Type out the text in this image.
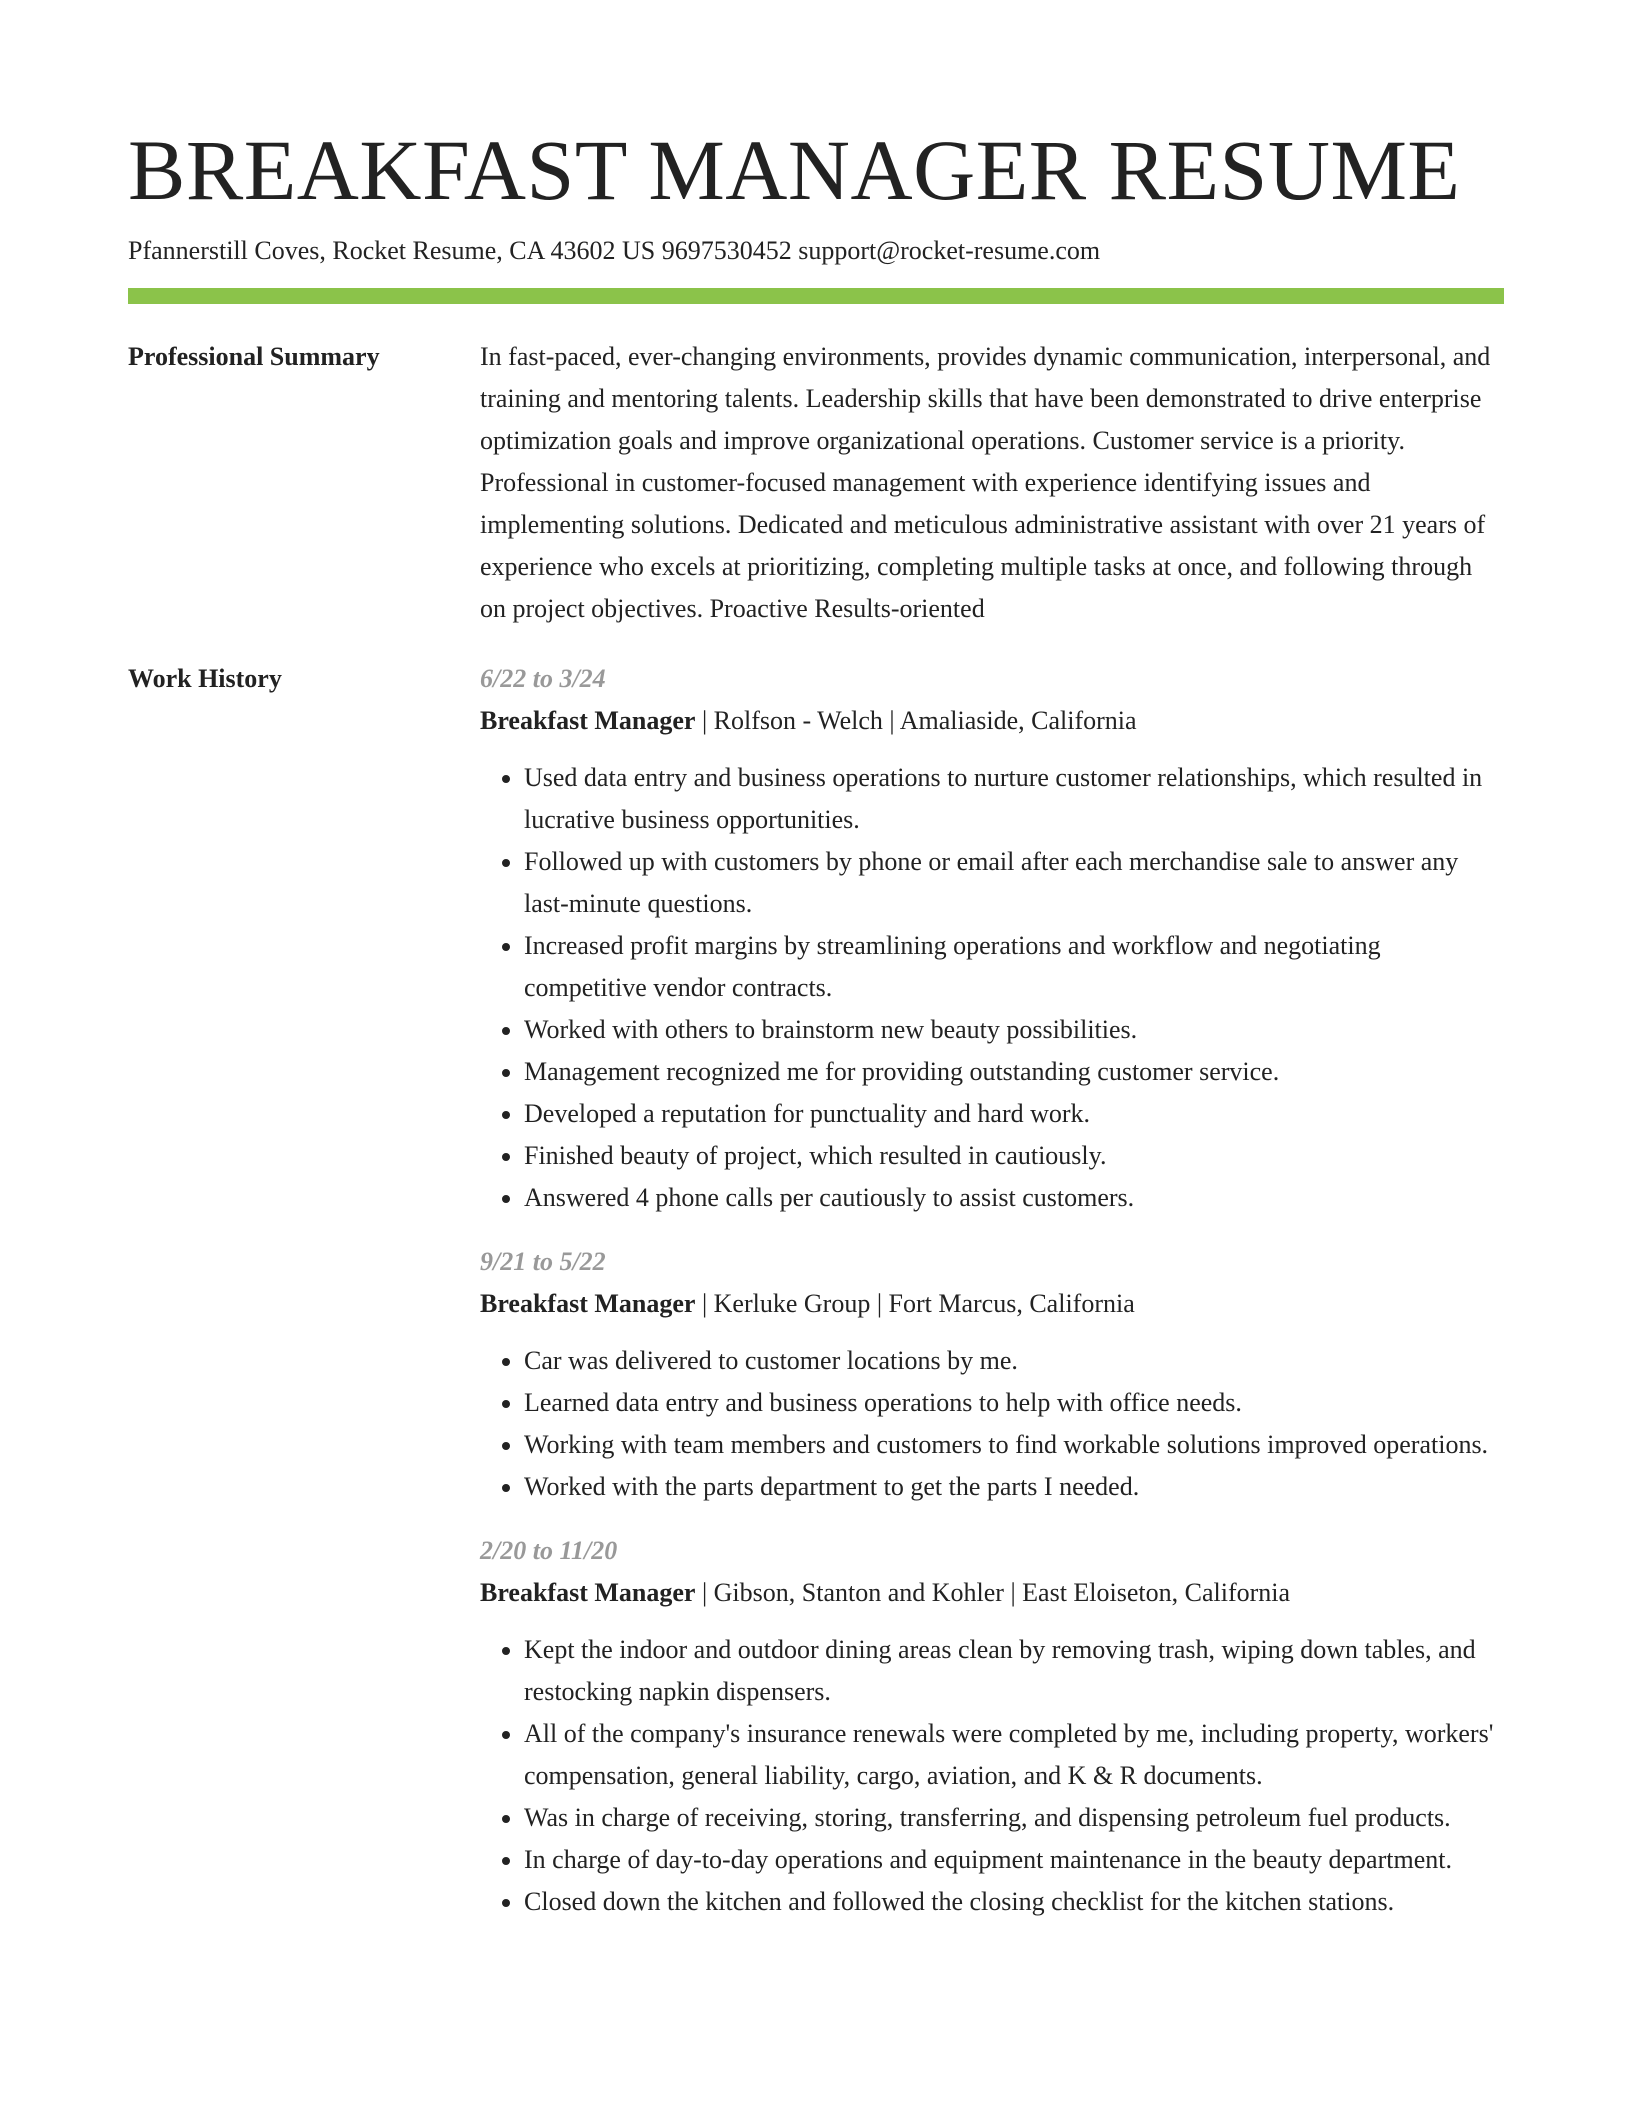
BREAKFAST MANAGER RESUME
Pfannerstill Coves, Rocket Resume, CA 43602 US 9697530452 support@rocket-resume.com
Professional Summary	In fast-paced, ever-changing environments, provides dynamic communication, interpersonal, and training and mentoring talents. Leadership skills that have been demonstrated to drive enterprise optimization goals and improve organizational operations. Customer service is a priority. Professional in customer-focused management with experience identifying issues and implementing solutions. Dedicated and meticulous administrative assistant with over 21 years of experience who excels at prioritizing, completing multiple tasks at once, and following through on project objectives. Proactive Results-oriented

Work History	6/22 to 3/24
Breakfast Manager | Rolfson - Welch | Amaliaside, California
• Used data entry and business operations to nurture customer relationships, which resulted in lucrative business opportunities.
• Followed up with customers by phone or email after each merchandise sale to answer any last-minute questions.
• Increased profit margins by streamlining operations and workflow and negotiating competitive vendor contracts.
• Worked with others to brainstorm new beauty possibilities.
• Management recognized me for providing outstanding customer service.
• Developed a reputation for punctuality and hard work.
• Finished beauty of project, which resulted in cautiously.
• Answered 4 phone calls per cautiously to assist customers.
9/21 to 5/22
Breakfast Manager | Kerluke Group | Fort Marcus, California
• Car was delivered to customer locations by me.
• Learned data entry and business operations to help with office needs.
• Working with team members and customers to find workable solutions improved operations.
• Worked with the parts department to get the parts I needed.
2/20 to 11/20
Breakfast Manager | Gibson, Stanton and Kohler | East Eloiseton, California
• Kept the indoor and outdoor dining areas clean by removing trash, wiping down tables, and restocking napkin dispensers.
• All of the company's insurance renewals were completed by me, including property, workers' compensation, general liability, cargo, aviation, and K & R documents.
• Was in charge of receiving, storing, transferring, and dispensing petroleum fuel products.
• In charge of day-to-day operations and equipment maintenance in the beauty department.
• Closed down the kitchen and followed the closing checklist for the kitchen stations.
